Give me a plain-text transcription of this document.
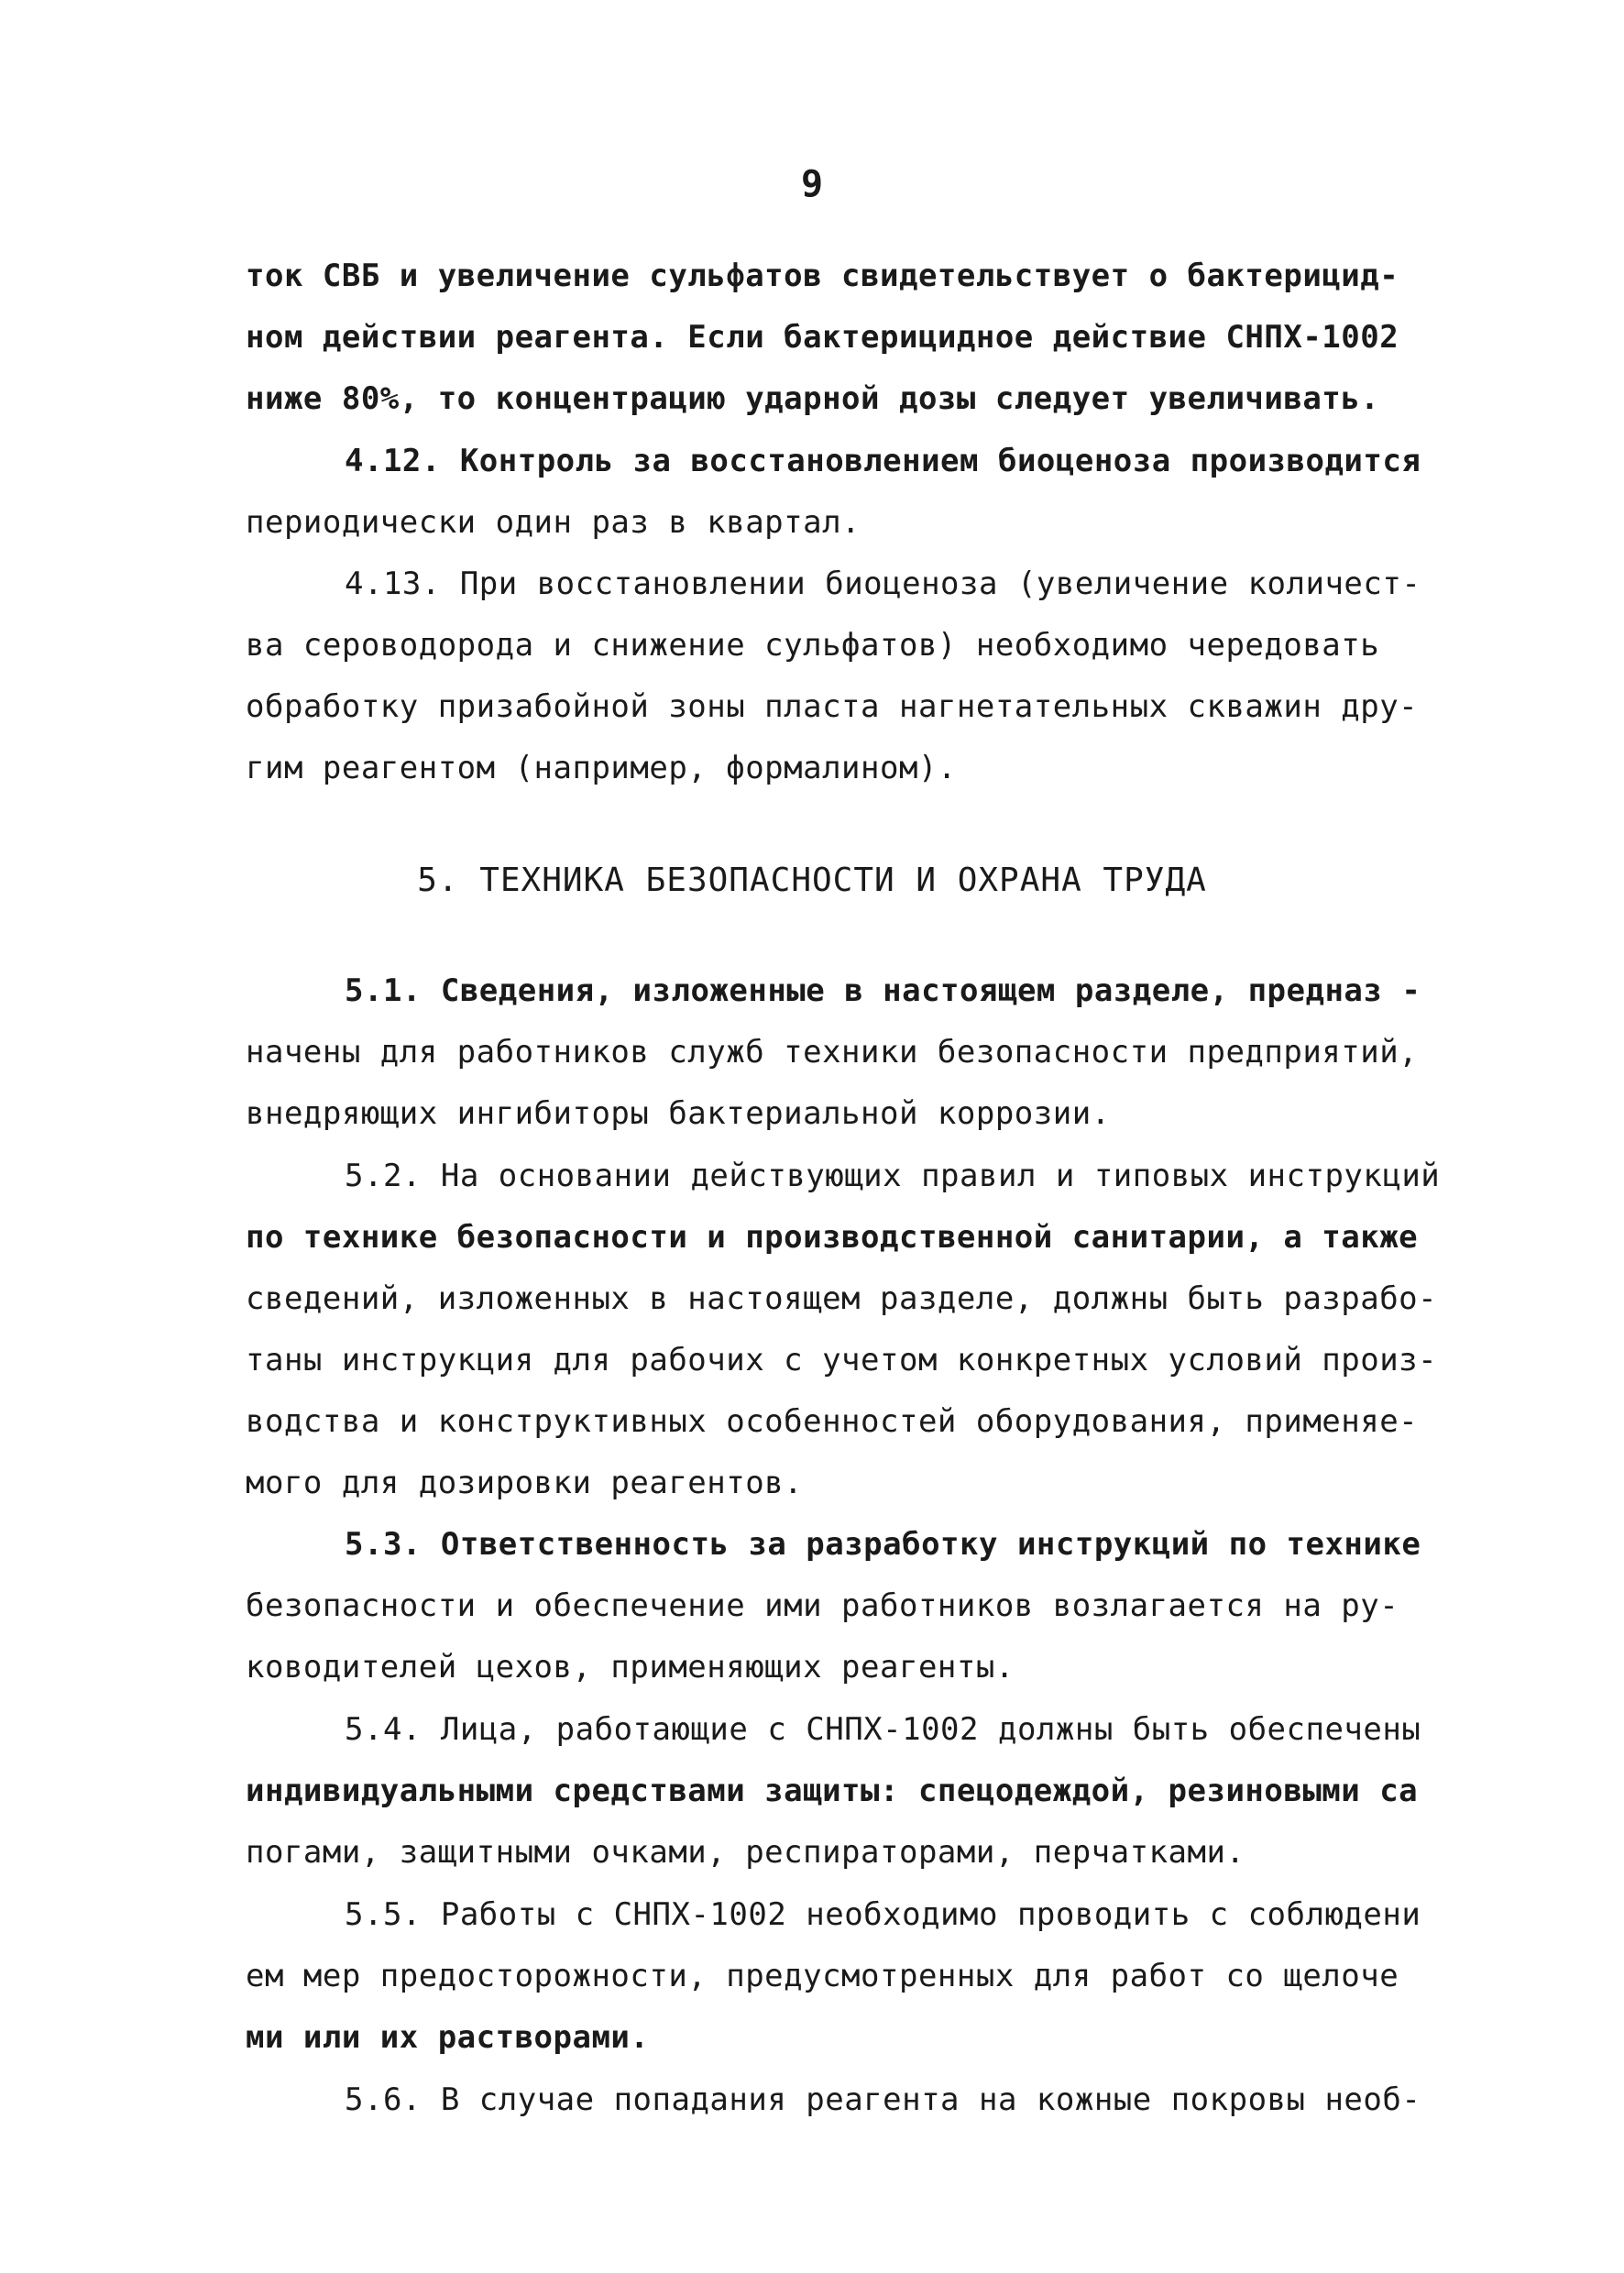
9
ток СВБ и увеличение сульфатов свидетельствует о бактерицид-
ном действии реагента. Если бактерицидное действие СНПХ-1002
ниже 80%, то концентрацию ударной дозы следует увеличивать.
4.12. Контроль за восстановлением биоценоза производится
периодически один раз в квартал.
4.13. При восстановлении биоценоза (увеличение количест-
ва сероводорода и снижение сульфатов) необходимо чередовать
обработку призабойной зоны пласта нагнетательных скважин дру-
гим реагентом (например, формалином).
5. ТЕХНИКА БЕЗОПАСНОСТИ И ОХРАНА ТРУДА
5.1. Сведения, изложенные в настоящем разделе, предназ -
начены для работников служб техники безопасности предприятий,
внедряющих ингибиторы бактериальной коррозии.
5.2. На основании действующих правил и типовых инструкций
по технике безопасности и производственной санитарии, а также
сведений, изложенных в настоящем разделе, должны быть разрабо-
таны инструкция для рабочих с учетом конкретных условий произ-
водства и конструктивных особенностей оборудования, применяе-
мого для дозировки реагентов.
5.3. Ответственность за разработку инструкций по технике
безопасности и обеспечение ими работников возлагается на ру-
ководителей цехов, применяющих реагенты.
5.4. Лица, работающие с СНПХ-1002 должны быть обеспечены
индивидуальными средствами защиты: спецодеждой, резиновыми са
погами, защитными очками, респираторами, перчатками.
5.5. Работы с СНПХ-1002 необходимо проводить с соблюдени
ем мер предосторожности, предусмотренных для работ со щелоче
ми или их растворами.
5.6. В случае попадания реагента на кожные покровы необ-
